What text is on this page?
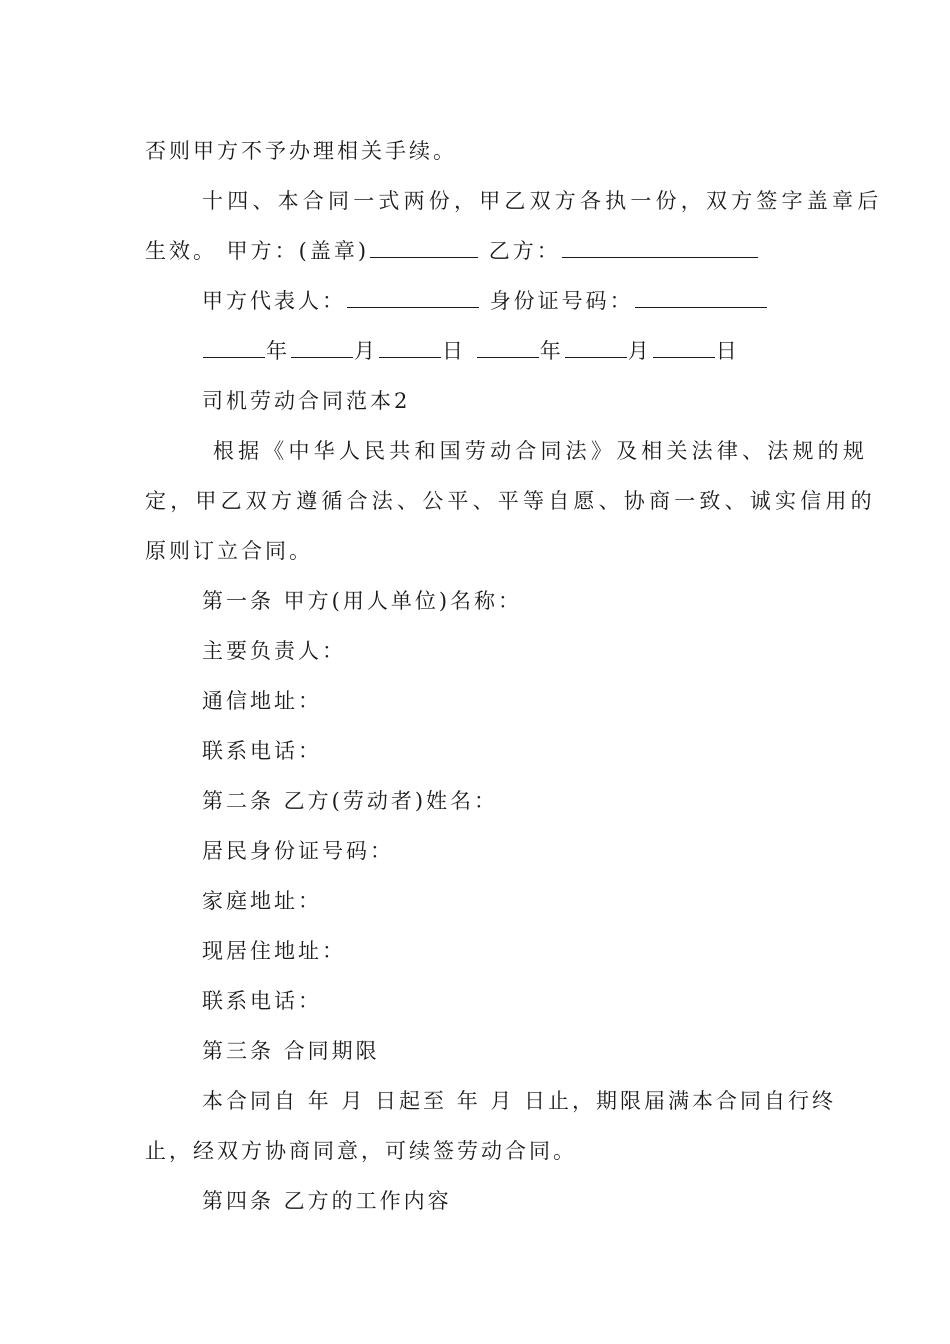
否则甲方不予办理相关手续。
十四、本合同一式两份，甲乙双方各执一份，双方签字盖章后
生效。 甲方：(盖章)	乙方：
甲方代表人：	身份证号码：
年	月	日	年	月	日
司机劳动合同范本2
根据《中华人民共和国劳动合同法》及相关法律、法规的规
定，甲乙双方遵循合法、公平、平等自愿、协商一致、诚实信用的
原则订立合同。
第一条 甲方(用人单位)名称：
主要负责人：
通信地址：
联系电话：
第二条 乙方(劳动者)姓名：
居民身份证号码：
家庭地址：
现居住地址：
联系电话：
第三条 合同期限
本合同自 年 月 日起至 年 月 日止，期限届满本合同自行终
止，经双方协商同意，可续签劳动合同。
第四条 乙方的工作内容
